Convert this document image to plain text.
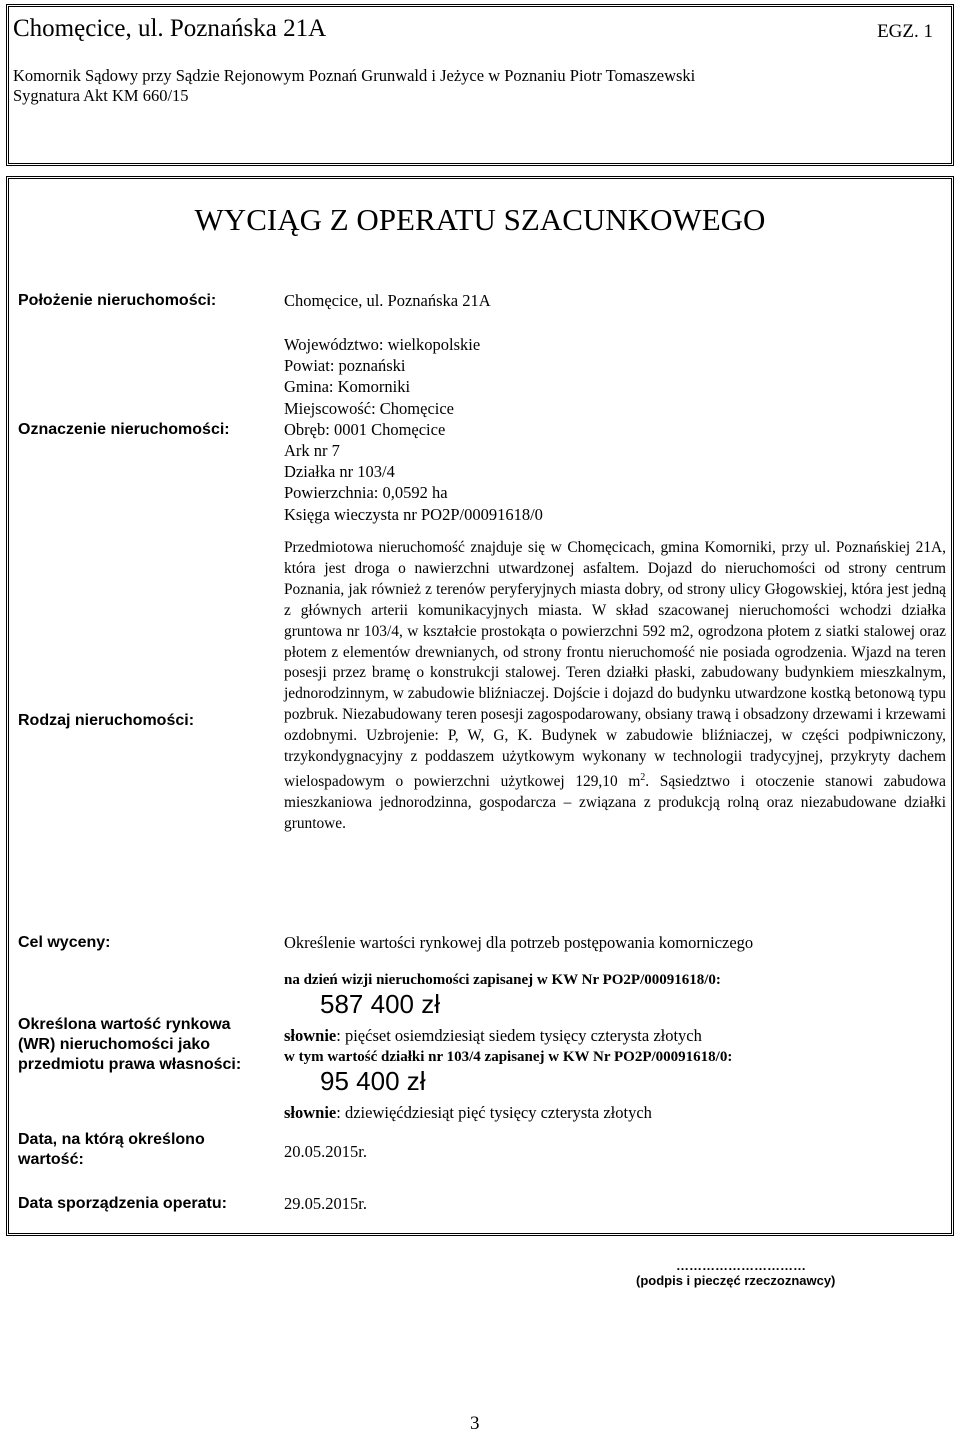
Chomęcice, ul. Poznańska 21A	EGZ. 1
Komornik Sądowy przy Sądzie Rejonowym Poznań Grunwald i Jeżyce w Poznaniu Piotr Tomaszewski
Sygnatura Akt KM 660/15
WYCIĄG Z OPERATU SZACUNKOWEGO
Położenie nieruchomości:	Chomęcice, ul. Poznańska 21A
Oznaczenie nieruchomości:
Województwo: wielkopolskie
Powiat: poznański
Gmina: Komorniki
Miejscowość: Chomęcice
Obręb: 0001 Chomęcice
Ark nr 7
Działka nr 103/4
Powierzchnia: 0,0592 ha
Księga wieczysta nr PO2P/00091618/0
Rodzaj nieruchomości:
Przedmiotowa nieruchomość znajduje się w Chomęcicach, gmina Komorniki, przy ul. Poznańskiej 21A, która jest droga o nawierzchni utwardzonej asfaltem. Dojazd do nieruchomości od strony centrum Poznania, jak również z terenów peryferyjnych miasta dobry, od strony ulicy Głogowskiej, która jest jedną z głównych arterii komunikacyjnych miasta. W skład szacowanej nieruchomości wchodzi działka gruntowa nr 103/4, w kształcie prostokąta o powierzchni 592 m2, ogrodzona płotem z siatki stalowej oraz płotem z elementów drewnianych, od strony frontu nieruchomość nie posiada ogrodzenia. Wjazd na teren posesji przez bramę o konstrukcji stalowej. Teren działki płaski, zabudowany budynkiem mieszkalnym, jednorodzinnym, w zabudowie bliźniaczej. Dojście i dojazd do budynku utwardzone kostką betonową typu pozbruk. Niezabudowany teren posesji zagospodarowany, obsiany trawą i obsadzony drzewami i krzewami ozdobnymi. Uzbrojenie: P, W, G, K. Budynek w zabudowie bliźniaczej, w części podpiwniczony, trzykondygnacyjny z poddaszem użytkowym wykonany w technologii tradycyjnej, przykryty dachem wielospadowym o powierzchni użytkowej 129,10 $m^2$. Sąsiedztwo i otoczenie stanowi zabudowa mieszkaniowa jednorodzinna, gospodarcza – związana z produkcją rolną oraz niezabudowane działki gruntowe.
Cel wyceny:	Określenie wartości rynkowej dla potrzeb postępowania komorniczego
Określona wartość rynkowa (WR) nieruchomości jako przedmiotu prawa własności:
na dzień wizji nieruchomości zapisanej w KW Nr PO2P/00091618/0:
587 400 zł
słownie: pięćset osiemdziesiąt siedem tysięcy czterysta złotych
w tym wartość działki nr 103/4 zapisanej w KW Nr PO2P/00091618/0:
95 400 zł
słownie: dziewięćdziesiąt pięć tysięcy czterysta złotych
Data, na którą określono wartość:	20.05.2015r.
Data sporządzenia operatu:	29.05.2015r.
…………………………
(podpis i pieczęć rzeczoznawcy)
3
